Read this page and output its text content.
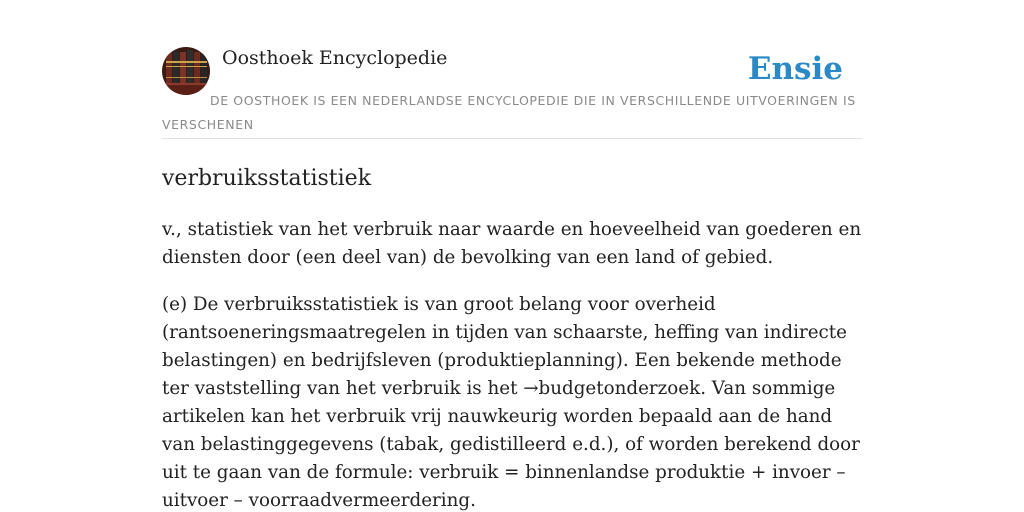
Oosthoek Encyclopedie	Ensie

DE OOSTHOEK IS EEN NEDERLANDSE ENCYCLOPEDIE DIE IN VERSCHILLENDE UITVOERINGEN IS VERSCHENEN

verbruiksstatistiek

v., statistiek van het verbruik naar waarde en hoeveelheid van goederen en diensten door (een deel van) de bevolking van een land of gebied.

(e) De verbruiksstatistiek is van groot belang voor overheid (rantsoeneringsmaatregelen in tijden van schaarste, heffing van indirecte belastingen) en bedrijfsleven (produktieplanning). Een bekende methode ter vaststelling van het verbruik is het →budgetonderzoek. Van sommige artikelen kan het verbruik vrij nauwkeurig worden bepaald aan de hand van belastinggegevens (tabak, gedistilleerd e.d.), of worden berekend door uit te gaan van de formule: verbruik = binnenlandse produktie + invoer – uitvoer – voorraadvermeerdering.
